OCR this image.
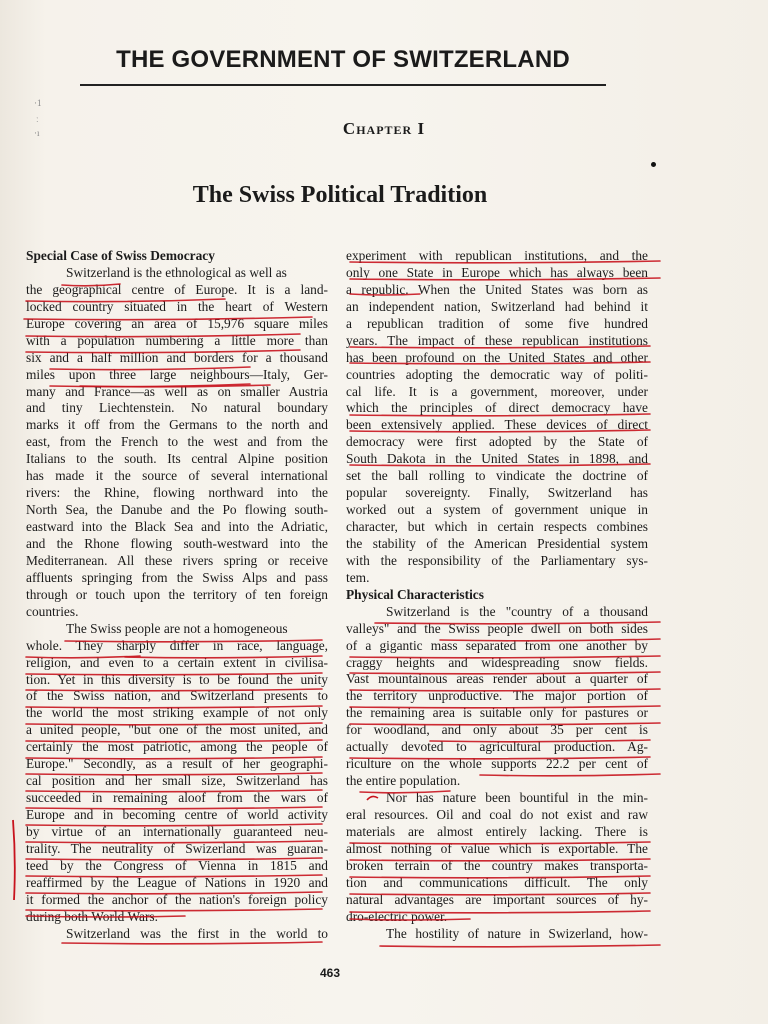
THE GOVERNMENT OF SWITZERLAND
Chapter I
The Swiss Political Tradition
Special Case of Swiss Democracy
Switzerland is the ethnological as well as
the geographical centre of Europe. It is a land-
locked country situated in the heart of Western
Europe covering an area of 15,976 square miles
with a population numbering a little more than
six and a half million and borders for a thousand
miles upon three large neighbours—Italy, Ger-
many and France—as well as on smaller Austria
and tiny Liechtenstein. No natural boundary
marks it off from the Germans to the north and
east, from the French to the west and from the
Italians to the south. Its central Alpine position
has made it the source of several international
rivers: the Rhine, flowing northward into the
North Sea, the Danube and the Po flowing south-
eastward into the Black Sea and into the Adriatic,
and the Rhone flowing south-westward into the
Mediterranean. All these rivers spring or receive
affluents springing from the Swiss Alps and pass
through or touch upon the territory of ten foreign
countries.
The Swiss people are not a homogeneous
whole. They sharply differ in race, language,
religion, and even to a certain extent in civilisa-
tion. Yet in this diversity is to be found the unity
of the Swiss nation, and Switzerland presents to
the world the most striking example of not only
a united people, "but one of the most united, and
certainly the most patriotic, among the people of
Europe." Secondly, as a result of her geographi-
cal position and her small size, Switzerland has
succeeded in remaining aloof from the wars of
Europe and in becoming centre of world activity
by virtue of an internationally guaranteed neu-
trality. The neutrality of Swizerland was guaran-
teed by the Congress of Vienna in 1815 and
reaffirmed by the League of Nations in 1920 and
it formed the anchor of the nation's foreign policy
during both World Wars.
Switzerland was the first in the world to
experiment with republican institutions, and the
only one State in Europe which has always been
a republic. When the United States was born as
an independent nation, Switzerland had behind it
a republican tradition of some five hundred
years. The impact of these republican institutions
has been profound on the United States and other
countries adopting the democratic way of politi-
cal life. It is a government, moreover, under
which the principles of direct democracy have
been extensively applied. These devices of direct
democracy were first adopted by the State of
South Dakota in the United States in 1898, and
set the ball rolling to vindicate the doctrine of
popular sovereignty. Finally, Switzerland has
worked out a system of government unique in
character, but which in certain respects combines
the stability of the American Presidential system
with the responsibility of the Parliamentary sys-
tem.
Physical Characteristics
Switzerland is the "country of a thousand
valleys" and the Swiss people dwell on both sides
of a gigantic mass separated from one another by
craggy heights and widespreading snow fields.
Vast mountainous areas render about a quarter of
the territory unproductive. The major portion of
the remaining area is suitable only for pastures or
for woodland, and only about 35 per cent is
actually devoted to agricultural production. Ag-
riculture on the whole supports 22.2 per cent of
the entire population.
Nor has nature been bountiful in the min-
eral resources. Oil and coal do not exist and raw
materials are almost entirely lacking. There is
almost nothing of value which is exportable. The
broken terrain of the country makes transporta-
tion and communications difficult. The only
natural advantages are important sources of hy-
dro-electric power.
The hostility of nature in Swizerland, how-
463
·1
ː
·ı
